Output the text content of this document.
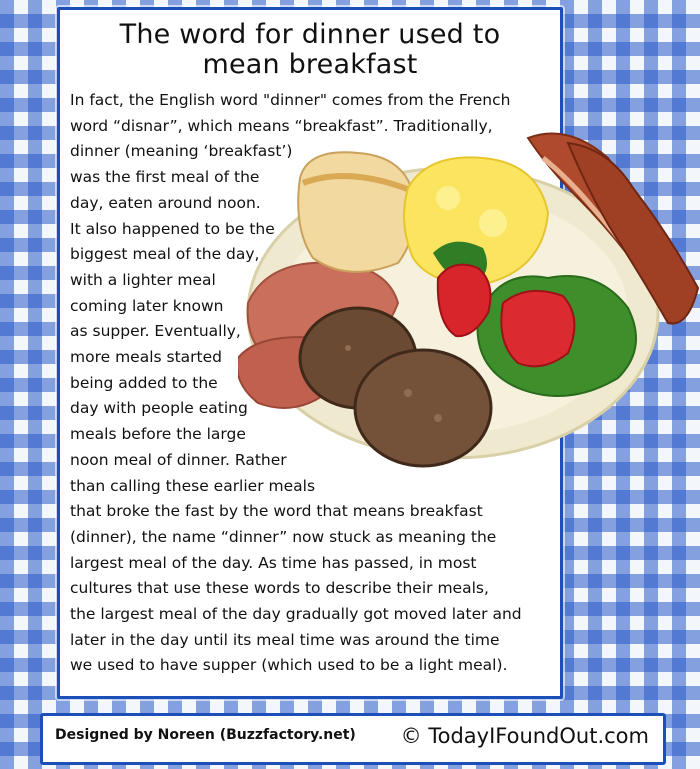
The word for dinner used to
mean breakfast
In fact, the English word "dinner" comes from the French
word “disnar”, which means “breakfast”. Traditionally,
dinner (meaning ‘breakfast’)
was the first meal of the
day, eaten around noon.
It also happened to be the
biggest meal of the day,
with a lighter meal
coming later known
as supper. Eventually,
more meals started
being added to the
day with people eating
meals before the large
noon meal of dinner. Rather
than calling these earlier meals
that broke the fast by the word that means breakfast
(dinner), the name “dinner” now stuck as meaning the
largest meal of the day. As time has passed, in most
cultures that use these words to describe their meals,
the largest meal of the day gradually got moved later and
later in the day until its meal time was around the time
we used to have supper (which used to be a light meal).
Designed by Noreen (Buzzfactory.net) © TodayIFoundOut.com
